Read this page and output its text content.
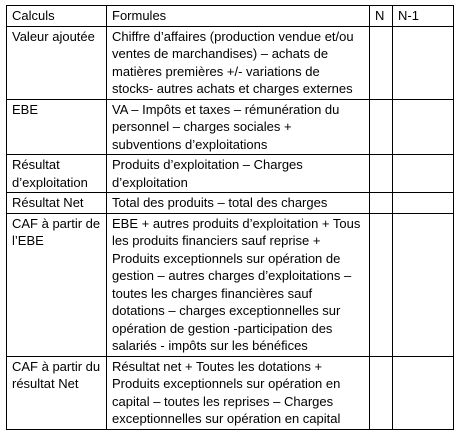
Calculs	Formules	N	N-1
Valeur ajoutée	Chiffre d’affaires (production vendue et/ou ventes de marchandises) – achats de matières premières +/- variations de stocks- autres achats et charges externes		
EBE	VA – Impôts et taxes – rémunération du personnel – charges sociales + subventions d’exploitations		
Résultat d’exploitation	Produits d’exploitation – Charges d’exploitation		
Résultat Net	Total des produits – total des charges		
CAF à partir de l’EBE	EBE + autres produits d’exploitation + Tous les produits financiers sauf reprise + Produits exceptionnels sur opération de gestion – autres charges d’exploitations – toutes les charges financières sauf dotations – charges exceptionnelles sur opération de gestion -participation des salariés - impôts sur les bénéfices		
CAF à partir du résultat Net	Résultat net + Toutes les dotations + Produits exceptionnels sur opération en capital – toutes les reprises – Charges exceptionnelles sur opération en capital		
